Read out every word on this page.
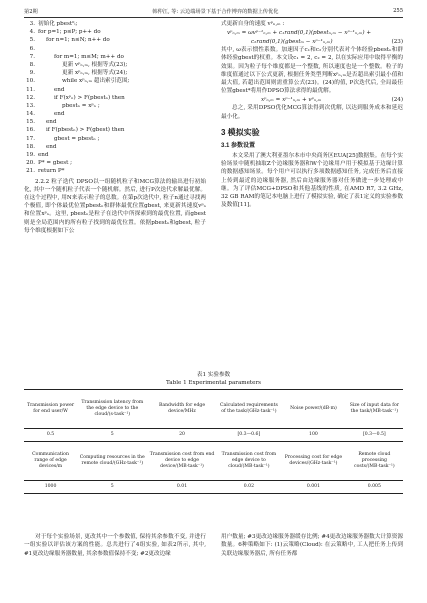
第2期	韩仲江, 等: 云边端场景下基于合作博弈的数据上传优化	255
3. 初始化 pbest⁰ᵢ;
4. for p=1; p≤P; p++ do
5. for n=1; n≤N; n++ do
6.
7.	for m=1; m≤M; m++ do
8.	更新 vᵖₙ,ₘ, 根据等式(23);
9.	更新 xᵖₙ,ₘ, 根据等式(24);
10.	while xᵖₙ,ₘ 超出索引范围;
11.	end
12.	if F(xᵖₙ) > F(pbestₙ) then
13.	pbestₙ = xᵖₙ ;
14.	end
15. end
16. if F(pbestₙ) > F(gbest) then
17.	gbest = pbestₙ ;
18. end
19. end
20. P* = gbest ;
21. return P*

2.2.2 粒子迭代 DPSO以一组随机粒子和MCG算法的输出进行初始化, 其中一个随机粒子代表一个随机解。然后, 进行P次迭代求解最优解。在这个过程中, 用N来表示粒子的总数。在第p次迭代中, 粒子n通过寻找两个极值, 即个体最优位置pbestₙ和群体最优位置gbest, 来更新其速度vᵖₙ和位置xᵖₙ。这里, pbestₙ是粒子在迭代中所探索到的最优位置, 而gbest则是全局范围内的所有粒子找到的最优位置。依据pbestₙ和gbest, 粒子每个维度根据如下公

式更新自身的速度 vᵖₙ,ₘ :
vᵖₙ,ₘ = ωvᵖ⁻¹ₙ,ₘ + c₁rand(0,1)(pbestₙ,ₘ − xᵖ⁻¹ₙ,ₘ) +
c₂rand(0,1)(gbestₘ − xᵖ⁻¹ₙ,ₘ)	(23)

其中, ω表示惯性系数。加速因子c₁和c₂分别代表对个体经验pbestₙ和群体经验gbest的权重。本文设c₁ = 2, c₂ = 2, 以在实际应用中取得平衡的效果。因为粒子每个维度都是一个整数, 所以速度也是一个整数。粒子的维度值通过以下公式更新, 根据任务类型判断xᵖₙ,ₘ是否超出索引最小值和最大值, 若超出范围则需重算公式(23)。(24)的值, P次迭代后, 全局最佳位置gbest*将用作DPSO算法求得的最优解。

xᵖₙ,ₘ = xᵖ⁻¹ₙ,ₘ + vᵖₙ,ₘ	(24)

总之, 采用DPSO优化MCG算法得到次优解, 以达到服务成本和延迟最小化。

3 模拟实验
3.1 参数设置

本文采用了澳大利亚墨尔本市中央商务区EUA[25]数据集。在每个实验场景中随机抽取Z个边缘服务器和W个边缘用户用于模拟基于边缘计算的数据感知场景。每个用户可以执行多项数据感知任务, 完成任务后直接上传到最近的边缘服务器, 然后由边缘服务器对任务做进一步处理或中继。为了评估MCG+DPSO和其他基线的性质, 在AMD R7, 3.2 GHz, 32 GB RAM的笔记本电脑上进行了模拟实验, 确定了表1定义的实验参数及数值[11]。

表1 实验参数
Table 1 Experimental parameters
Transmission power for end user/W	Transmission latency from the edge device to the cloud/(s·task⁻¹)	Bandwidth for edge device/MHz	Calculated requirements of the task/(GHz·task⁻¹)	Noise power/(dB·m)	Size of input data for the task/(MB·task⁻¹)
0.5	5	20	[0.3—0.6]	100	[0.3—0.5]
Communication range of edge devices/m	Computing resources in the remote cloud/(GHz·task⁻¹)	Transmission cost from end device to edge device/(MB·task⁻¹)	Transmission cost from edge device to cloud/(MB·task⁻¹)	Processing cost for edge devices/(GHz·task⁻¹)	Remote cloud processing costs/(MB·task⁻¹)
1000	5	0.01	0.02	0.001	0.005

对于每个实验场景, 更改其中一个参数值, 保持其余参数不变, 并进行一组实验以评估该方案的性能。总共进行了4组实验, 如表2所示, 其中, #1更改边缘服务器数量, 其余参数值保持不变; #2更改边缘

用户数量; #3更改边缘服务器缓存比例; #4更改边缘服务器数大计算资源数量。6种策略如下: (1)云策略(Cloud): 在云策略中, 工人把任务上传到关联边缘服务器后, 所有任务都
